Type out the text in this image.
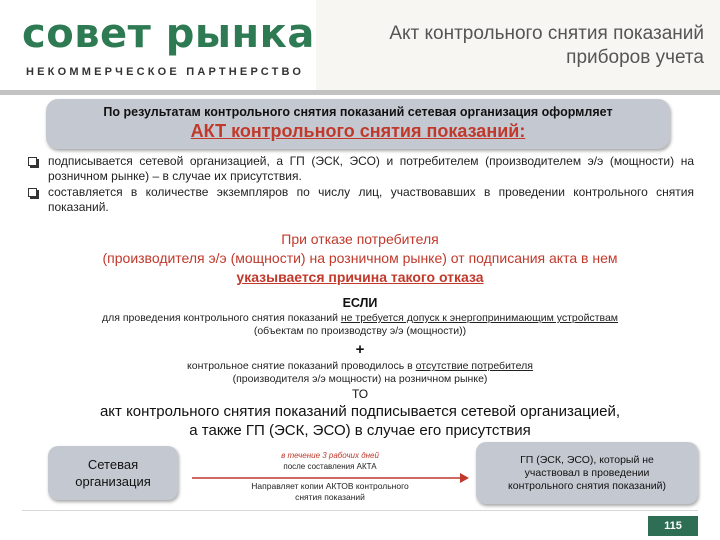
совет рынка
НЕКОММЕРЧЕСКОЕ ПАРТНЕРСТВО
Акт контрольного снятия показаний
приборов учета
По результатам контрольного снятия показаний сетевая организация оформляет
АКТ контрольного снятия показаний:
подписывается сетевой организацией, а ГП (ЭСК, ЭСО) и потребителем (производителем э/э (мощности) на розничном рынке) – в случае их присутствия.
составляется в количестве экземпляров по числу лиц, участвовавших в проведении контрольного снятия показаний.
При отказе потребителя
(производителя э/э (мощности) на розничном рынке) от подписания акта в нем
указывается причина такого отказа
ЕСЛИ
для проведения контрольного снятия показаний не требуется допуск к энергопринимающим устройствам
(объектам по производству э/э (мощности))
+
контрольное снятие показаний проводилось в отсутствие потребителя
(производителя э/э мощности) на розничном рынке)
ТО
акт контрольного снятия показаний подписывается сетевой организацией,
а также ГП (ЭСК, ЭСО) в случае его присутствия
Сетевая
организация
в течение 3 рабочих дней
после составления АКТА
Направляет копии АКТОВ контрольного
снятия показаний
ГП (ЭСК, ЭСО), который не
участвовал в проведении
контрольного снятия показаний)
115
